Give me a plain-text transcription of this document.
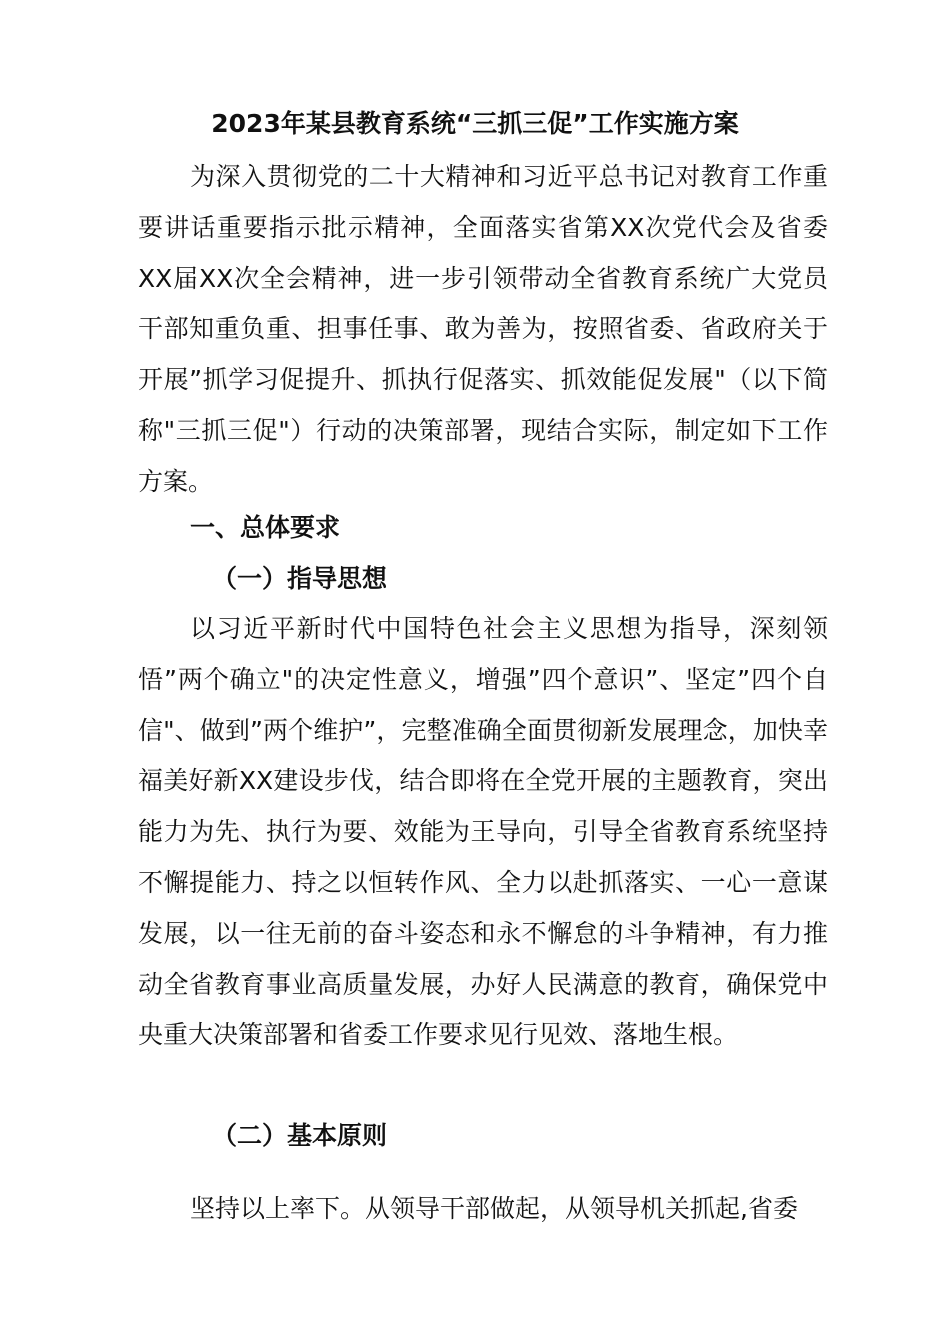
2023年某县教育系统“三抓三促”工作实施方案

为深入贯彻党的二十大精神和习近平总书记对教育工作重要讲话重要指示批示精神，全面落实省第XX次党代会及省委XX届XX次全会精神，进一步引领带动全省教育系统广大党员干部知重负重、担事任事、敢为善为，按照省委、省政府关于开展”抓学习促提升、抓执行促落实、抓效能促发展"（以下简称"三抓三促"）行动的决策部署，现结合实际，制定如下工作方案。

一、总体要求
（一）指导思想

以习近平新时代中国特色社会主义思想为指导，深刻领悟”两个确立"的决定性意义，增强”四个意识”、坚定”四个自信"、做到”两个维护”，完整准确全面贯彻新发展理念，加快幸福美好新XX建设步伐，结合即将在全党开展的主题教育，突出能力为先、执行为要、效能为王导向，引导全省教育系统坚持不懈提能力、持之以恒转作风、全力以赴抓落实、一心一意谋发展，以一往无前的奋斗姿态和永不懈怠的斗争精神，有力推动全省教育事业高质量发展，办好人民满意的教育，确保党中央重大决策部署和省委工作要求见行见效、落地生根。

（二）基本原则

坚持以上率下。从领导干部做起，从领导机关抓起,省委
